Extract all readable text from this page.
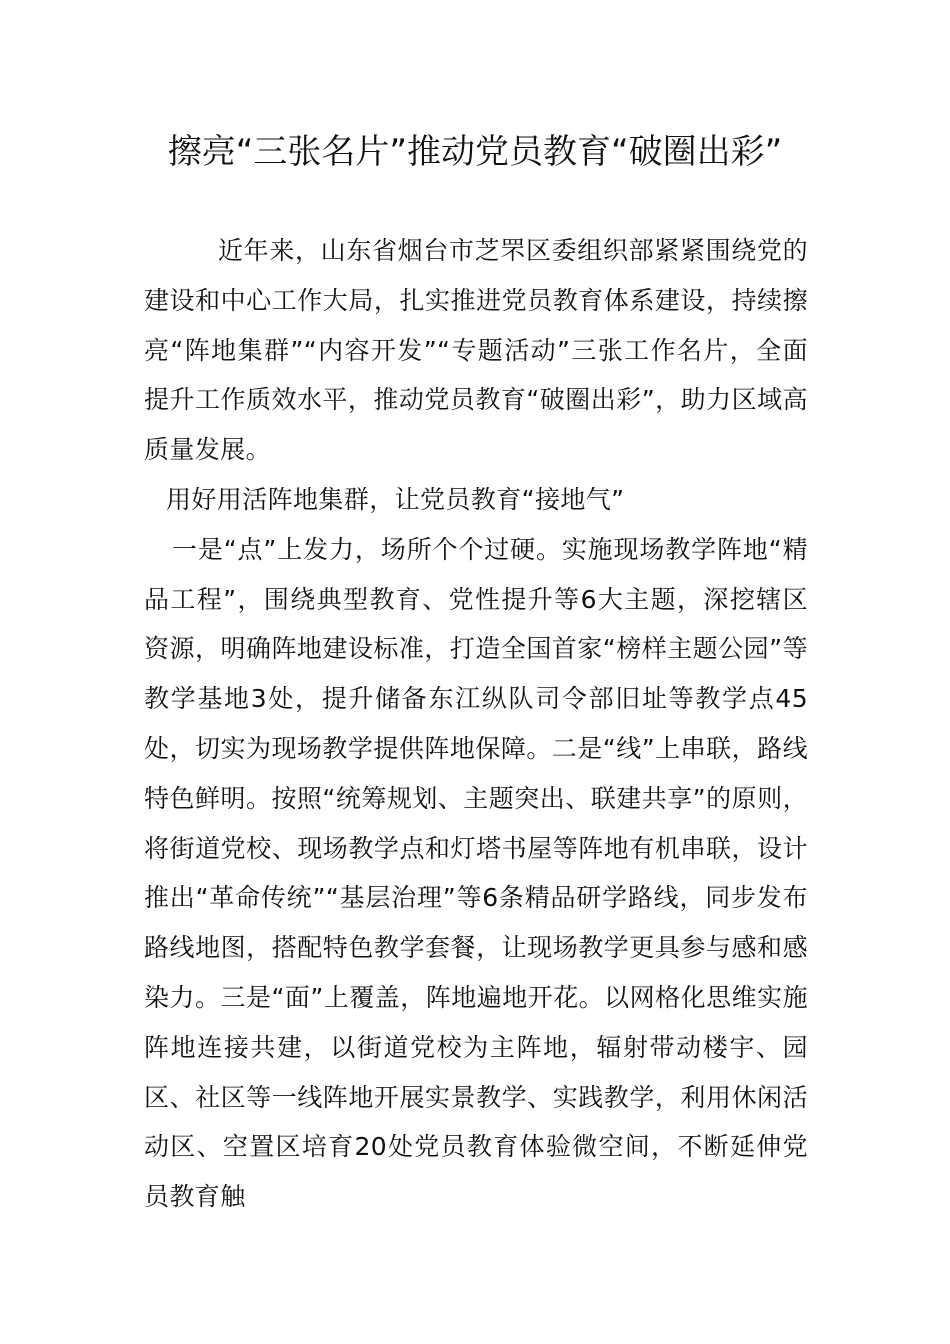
擦亮“三张名片”推动党员教育“破圈出彩”

近年来，山东省烟台市芝罘区委组织部紧紧围绕党的建设和中心工作大局，扎实推进党员教育体系建设，持续擦亮“阵地集群”“内容开发”“专题活动”三张工作名片，全面提升工作质效水平，推动党员教育“破圈出彩”，助力区域高质量发展。

用好用活阵地集群，让党员教育“接地气”

一是“点”上发力，场所个个过硬。实施现场教学阵地“精品工程”，围绕典型教育、党性提升等6大主题，深挖辖区资源，明确阵地建设标准，打造全国首家“榜样主题公园”等教学基地3处，提升储备东江纵队司令部旧址等教学点45处，切实为现场教学提供阵地保障。二是“线”上串联，路线特色鲜明。按照“统筹规划、主题突出、联建共享”的原则，将街道党校、现场教学点和灯塔书屋等阵地有机串联，设计推出“革命传统”“基层治理”等6条精品研学路线，同步发布路线地图，搭配特色教学套餐，让现场教学更具参与感和感染力。三是“面”上覆盖，阵地遍地开花。以网格化思维实施阵地连接共建，以街道党校为主阵地，辐射带动楼宇、园区、社区等一线阵地开展实景教学、实践教学，利用休闲活动区、空置区培育20处党员教育体验微空间，不断延伸党员教育触
